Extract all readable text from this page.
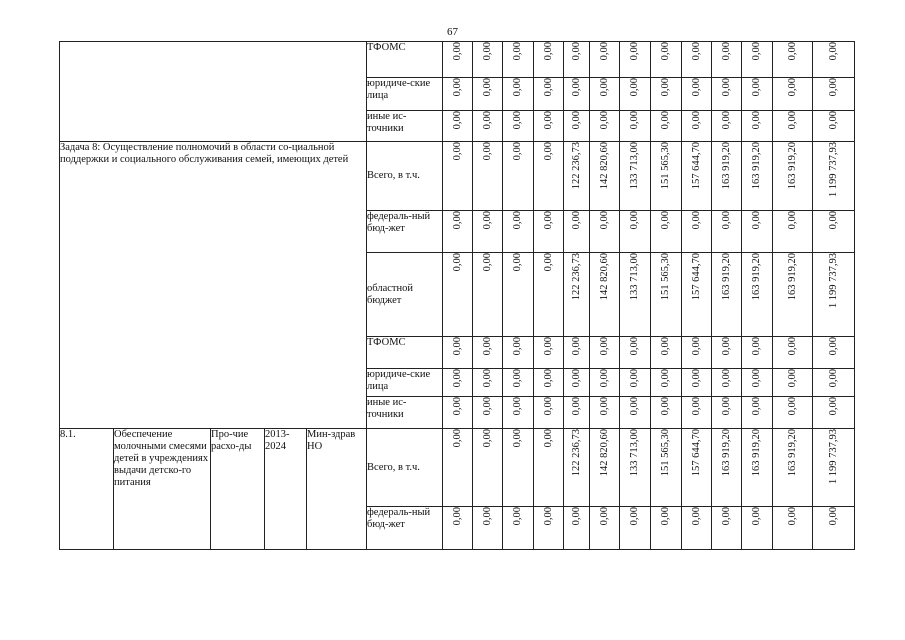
67
					ТФОМС	0,00	0,00	0,00	0,00	0,00	0,00	0,00	0,00	0,00	0,00	0,00	0,00	0,00
					юридиче-ские лица	0,00	0,00	0,00	0,00	0,00	0,00	0,00	0,00	0,00	0,00	0,00	0,00	0,00
					иные ис-точники	0,00	0,00	0,00	0,00	0,00	0,00	0,00	0,00	0,00	0,00	0,00	0,00	0,00
Задача 8: Осуществление полномочий в области со-циальной поддержки и социального обслуживания семей, имеющих детей					Всего, в т.ч.	0,00	0,00	0,00	0,00	122 236,73	142 820,60	133 713,00	151 565,30	157 644,70	163 919,20	163 919,20	163 919,20	1 199 737,93
					федераль-ный бюд-жет	0,00	0,00	0,00	0,00	0,00	0,00	0,00	0,00	0,00	0,00	0,00	0,00	0,00
					областной бюджет	0,00	0,00	0,00	0,00	122 236,73	142 820,60	133 713,00	151 565,30	157 644,70	163 919,20	163 919,20	163 919,20	1 199 737,93
					ТФОМС	0,00	0,00	0,00	0,00	0,00	0,00	0,00	0,00	0,00	0,00	0,00	0,00	0,00
					юридиче-ские лица	0,00	0,00	0,00	0,00	0,00	0,00	0,00	0,00	0,00	0,00	0,00	0,00	0,00
					иные ис-точники	0,00	0,00	0,00	0,00	0,00	0,00	0,00	0,00	0,00	0,00	0,00	0,00	0,00
8.1.	Обеспечение молочными смесями детей в учреждениях выдачи детско-го питания	Про-чие расхо-ды	2013-2024	Мин-здрав НО	Всего, в т.ч.	0,00	0,00	0,00	0,00	122 236,73	142 820,60	133 713,00	151 565,30	157 644,70	163 919,20	163 919,20	163 919,20	1 199 737,93
					федераль-ный бюд-жет	0,00	0,00	0,00	0,00	0,00	0,00	0,00	0,00	0,00	0,00	0,00	0,00	0,00
